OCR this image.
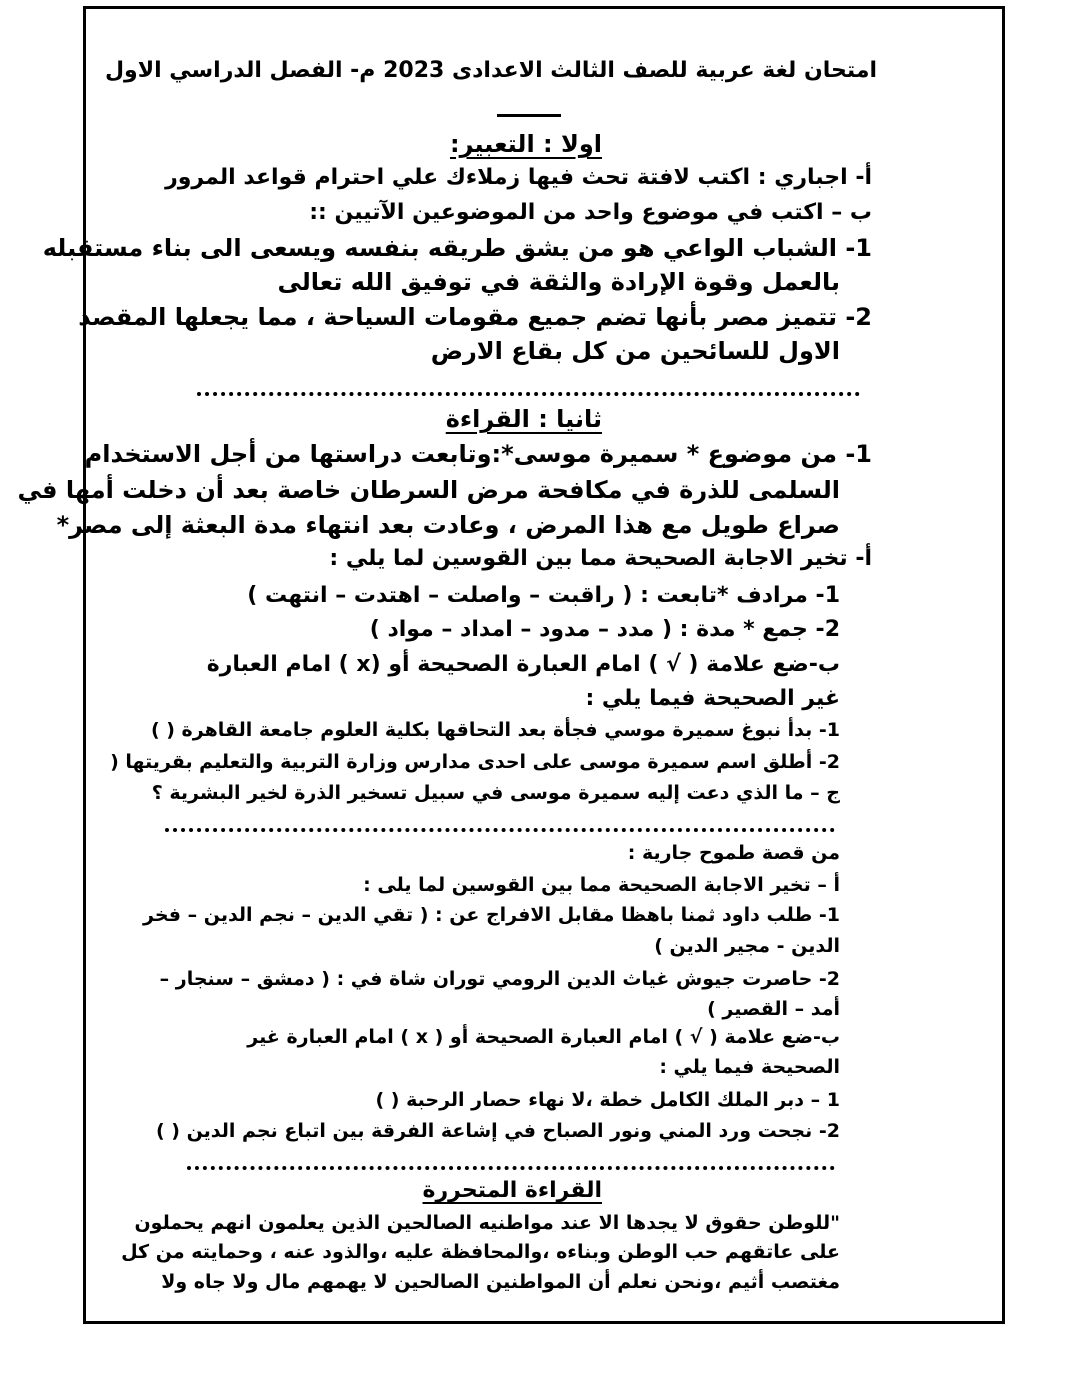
امتحان لغة عربية للصف الثالث الاعدادى 2023 م- الفصل الدراسي الاول
اولا : التعبير:
أ- اجباري : اكتب لافتة تحث فيها زملاءك علي احترام قواعد المرور
ب – اكتب في موضوع واحد من الموضوعين الآتيين ::
1- الشباب الواعي هو من يشق طريقه بنفسه ويسعى الى بناء مستقبله
بالعمل وقوة الإرادة والثقة في توفيق الله تعالى
2- تتميز مصر بأنها تضم جميع مقومات السياحة ، مما يجعلها المقصد
الاول للسائحين من كل بقاع الارض
ثانيا : القراءة
1- من موضوع * سميرة موسى*:وتابعت دراستها من أجل الاستخدام
السلمى للذرة في مكافحة مرض السرطان خاصة بعد أن دخلت أمها في
صراع طويل مع هذا المرض ، وعادت بعد انتهاء مدة البعثة إلى مصر*
أ- تخير الاجابة الصحيحة مما بين القوسين لما يلي :
1- مرادف *تابعت : ( راقبت – واصلت – اهتدت – انتهت )
2- جمع * مدة : ( مدد – مدود – امداد – مواد )
ب-ضع علامة ( √ ) امام العبارة الصحيحة أو (x ) امام العبارة
غير الصحيحة فيما يلي :
1- بدأ نبوغ سميرة موسي فجأة بعد التحاقها بكلية العلوم جامعة القاهرة ( )
2- أطلق اسم سميرة موسى على احدى مدارس وزارة التربية والتعليم بقريتها (
ج – ما الذي دعت إليه سميرة موسى في سبيل تسخير الذرة لخير البشرية ؟
من قصة طموح جارية :
أ – تخير الاجابة الصحيحة مما بين القوسين لما يلى :
1- طلب داود ثمنا باهظا مقابل الافراج عن : ( تقي الدين – نجم الدين – فخر
الدين - مجير الدين )
2- حاصرت جيوش غياث الدين الرومي توران شاة في : ( دمشق – سنجار –
أمد – القصير )
ب-ضع علامة ( √ ) امام العبارة الصحيحة أو ( x ) امام العبارة غير
الصحيحة فيما يلي :
1 – دبر الملك الكامل خطة ،لا نهاء حصار الرحبة ( )
2- نجحت ورد المني ونور الصباح في إشاعة الفرقة بين اتباع نجم الدين ( )
القراءة المتحررة
"للوطن حقوق لا يجدها الا عند مواطنيه الصالحين الذين يعلمون انهم يحملون
على عاتقهم حب الوطن وبناءه ،والمحافظة عليه ،والذود عنه ، وحمايته من كل
مغتصب أثيم ،ونحن نعلم أن المواطنين الصالحين لا يهمهم مال ولا جاه ولا
